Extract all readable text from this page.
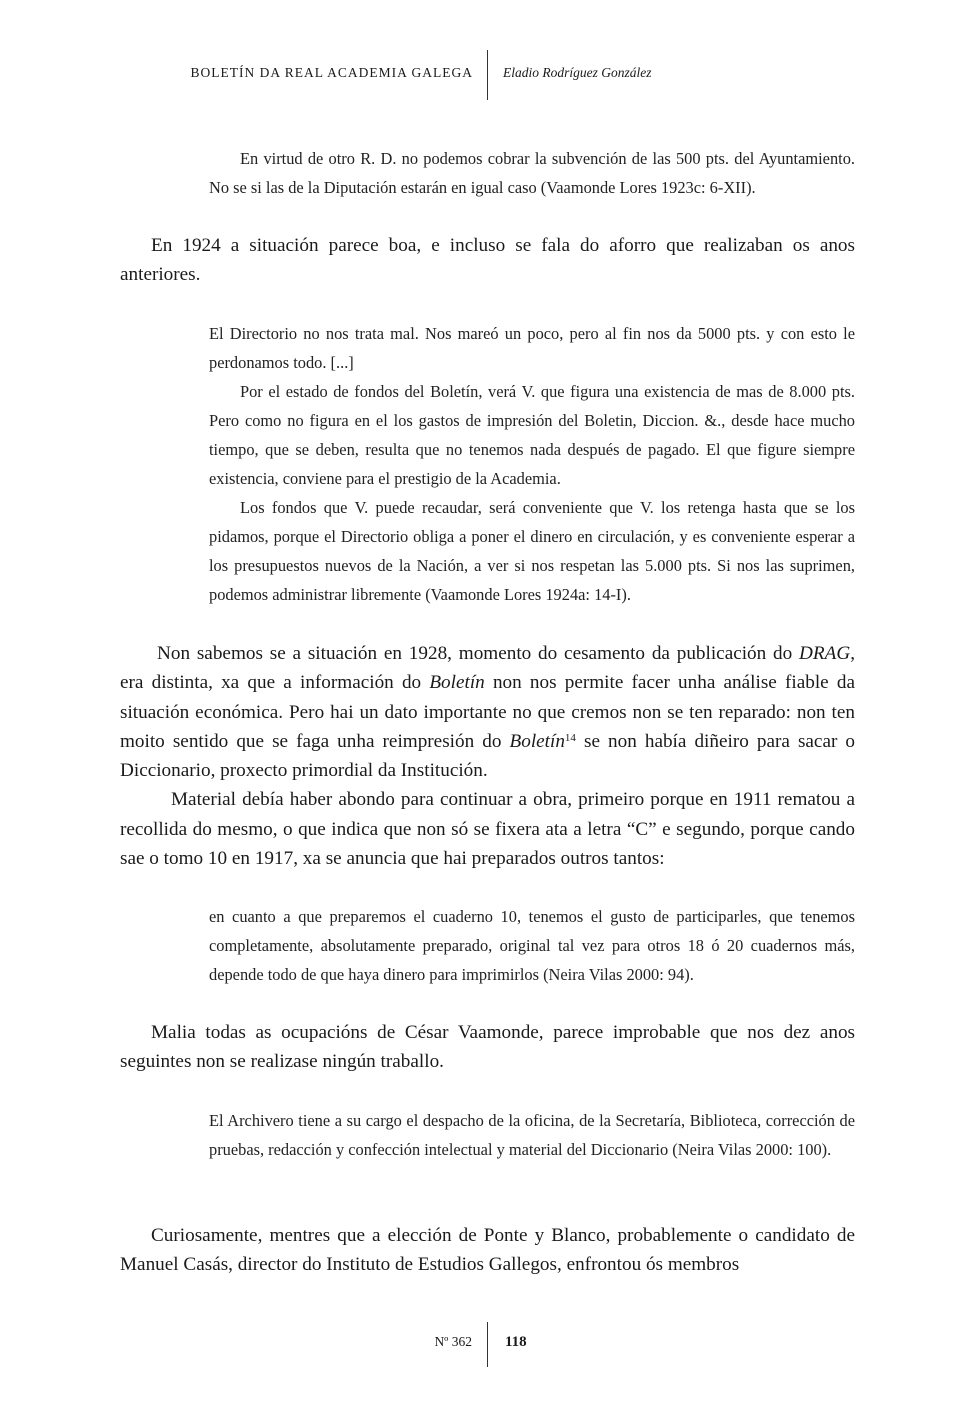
BOLETÍN DA REAL ACADEMIA GALEGA Eladio Rodríguez González

En virtud de otro R. D. no podemos cobrar la subvención de las 500 pts. del Ayuntamiento. No se si las de la Diputación estarán en igual caso (Vaamonde Lores 1923c: 6-XII).

En 1924 a situación parece boa, e incluso se fala do aforro que realizaban os anos anteriores.

El Directorio no nos trata mal. Nos mareó un poco, pero al fin nos da 5000 pts. y con esto le perdonamos todo. [...]

Por el estado de fondos del Boletín, verá V. que figura una existencia de mas de 8.000 pts. Pero como no figura en el los gastos de impresión del Boletin, Diccion. &., desde hace mucho tiempo, que se deben, resulta que no tenemos nada después de pagado. El que figure siempre existencia, conviene para el prestigio de la Academia.

Los fondos que V. puede recaudar, será conveniente que V. los retenga hasta que se los pidamos, porque el Directorio obliga a poner el dinero en circulación, y es conveniente esperar a los presupuestos nuevos de la Nación, a ver si nos respetan las 5.000 pts. Si nos las suprimen, podemos administrar libremente (Vaamonde Lores 1924a: 14-I).

Non sabemos se a situación en 1928, momento do cesamento da publicación do DRAG, era distinta, xa que a información do Boletín non nos permite facer unha análise fiable da situación económica. Pero hai un dato importante no que cremos non se ten reparado: non ten moito sentido que se faga unha reimpresión do Boletín$^{14}$ se non había diñeiro para sacar o Diccionario, proxecto primordial da Institución.

Material debía haber abondo para continuar a obra, primeiro porque en 1911 rematou a recollida do mesmo, o que indica que non só se fixera ata a letra “C” e segundo, porque cando sae o tomo 10 en 1917, xa se anuncia que hai preparados outros tantos:

en cuanto a que preparemos el cuaderno 10, tenemos el gusto de participarles, que tenemos completamente, absolutamente preparado, original tal vez para otros 18 ó 20 cuadernos más, depende todo de que haya dinero para imprimirlos (Neira Vilas 2000: 94).

Malia todas as ocupacións de César Vaamonde, parece improbable que nos dez anos seguintes non se realizase ningún traballo.

El Archivero tiene a su cargo el despacho de la oficina, de la Secretaría, Biblioteca, corrección de pruebas, redacción y confección intelectual y material del Diccionario (Neira Vilas 2000: 100).

Curiosamente, mentres que a elección de Ponte y Blanco, probablemente o candidato de Manuel Casás, director do Instituto de Estudios Gallegos, enfrontou ós membros

Nº 362 118
